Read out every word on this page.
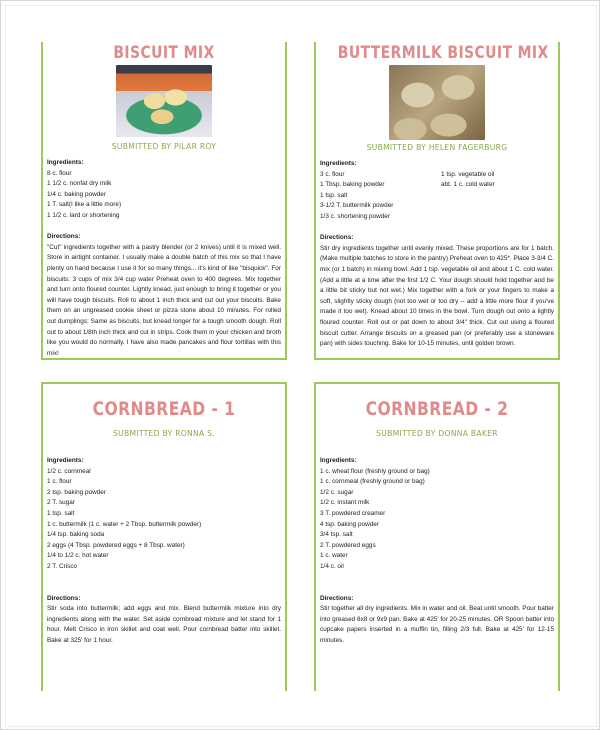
BISCUIT MIX
SUBMITTED BY PILAR ROY
Ingredients:
8 c. flour
1 1/2 c. nonfat dry milk
1/4 c. baking powder
1 T. salt(I like a little more)
1 1/2 c. lard or shortening
Directions:

"Cut" ingredients together with a pastry blender (or 2 knives) until it is mixed well. Store in airtight container. I usually make a double batch of this mix so that I have plenty on hand because I use it for so many things... it's kind of like "bisquick". For biscuits: 3 cups of mix 3/4 cup water Preheat oven to 400 degrees. Mix together and turn onto floured counter. Lightly knead, just enough to bring it together or you will have tough biscuits. Roll to about 1 inch thick and cut out your biscuits. Bake them on an ungreased cookie sheet or pizza stone about 10 minutes. For rolled out dumplings: Same as biscuits, but knead longer for a tough smooth dough. Roll out to about 1/8th inch thick and cut in strips. Cook them in your chicken and broth like you would do normally. I have also made pancakes and flour tortillas with this mix!

BUTTERMILK BISCUIT MIX
SUBMITTED BY HELEN FAGERBURG
Ingredients:
3 c. flour
1 Tbsp. baking powder
1 tsp. salt
3-1/2 T. buttermilk powder
1/3 c. shortening powder
1 tsp. vegetable oil
abt. 1 c. cold water
Directions:

Stir dry ingredients together until evenly mixed. These proportions are for 1 batch. (Make multiple batches to store in the pantry) Preheat oven to 425*. Place 3-3/4 C. mix (or 1 batch) in mixing bowl. Add 1 tsp. vegetable oil and about 1 C. cold water. (Add a little at a time after the first 1/2 C. Your dough should hold together and be a little bit sticky but not wet.) Mix together with a fork or your fingers to make a soft, slightly sticky dough (not too wet or too dry -- add a little more flour if you've made it too wet). Knead about 10 times in the bowl. Turn dough out onto a lightly floured counter. Roll out or pat down to about 3/4" thick. Cut out using a floured biscuit cutter. Arrange biscuits on a greased pan (or preferably use a stoneware pan) with sides touching. Bake for 10-15 minutes, until golden brown.

CORNBREAD - 1
SUBMITTED BY RONNA S.
Ingredients:
1/2 c. cornmeal
1 c. flour
2 tsp. baking powder
2 T. sugar
1 tsp. salt
1 c. buttermilk (1 c. water + 2 Tbsp. buttermilk powder)
1/4 tsp. baking soda
2 eggs (4 Tbsp. powdered eggs + 8 Tbsp. water)
1/4 to 1/2 c. hot water
2 T. Crisco
Directions:

Stir soda into buttermilk; add eggs and mix. Blend buttermilk mixture into dry ingredients along with the water. Set aside cornbread mixture and let stand for 1 hour. Melt Crisco in iron skillet and coat well. Pour cornbread batter into skillet. Bake at 325' for 1 hour.

CORNBREAD - 2
SUBMITTED BY DONNA BAKER
Ingredients:
1 c. wheat flour (freshly ground or bag)
1 c. cornmeal (freshly ground or bag)
1/2 c. sugar
1/2 c. instant milk
3 T. powdered creamer
4 tsp. baking powder
3/4 tsp. salt
2 T. powdered eggs
1 c. water
1/4 c. oil
Directions:

Stir together all dry ingredients. Mix in water and oil. Beat until smooth. Pour batter into greased 8x8 or 9x9 pan. Bake at 425' for 20-25 minutes. OR Spoon batter into cupcake papers inserted in a muffin tin, filling 2/3 full. Bake at 425' for 12-15 minutes.
